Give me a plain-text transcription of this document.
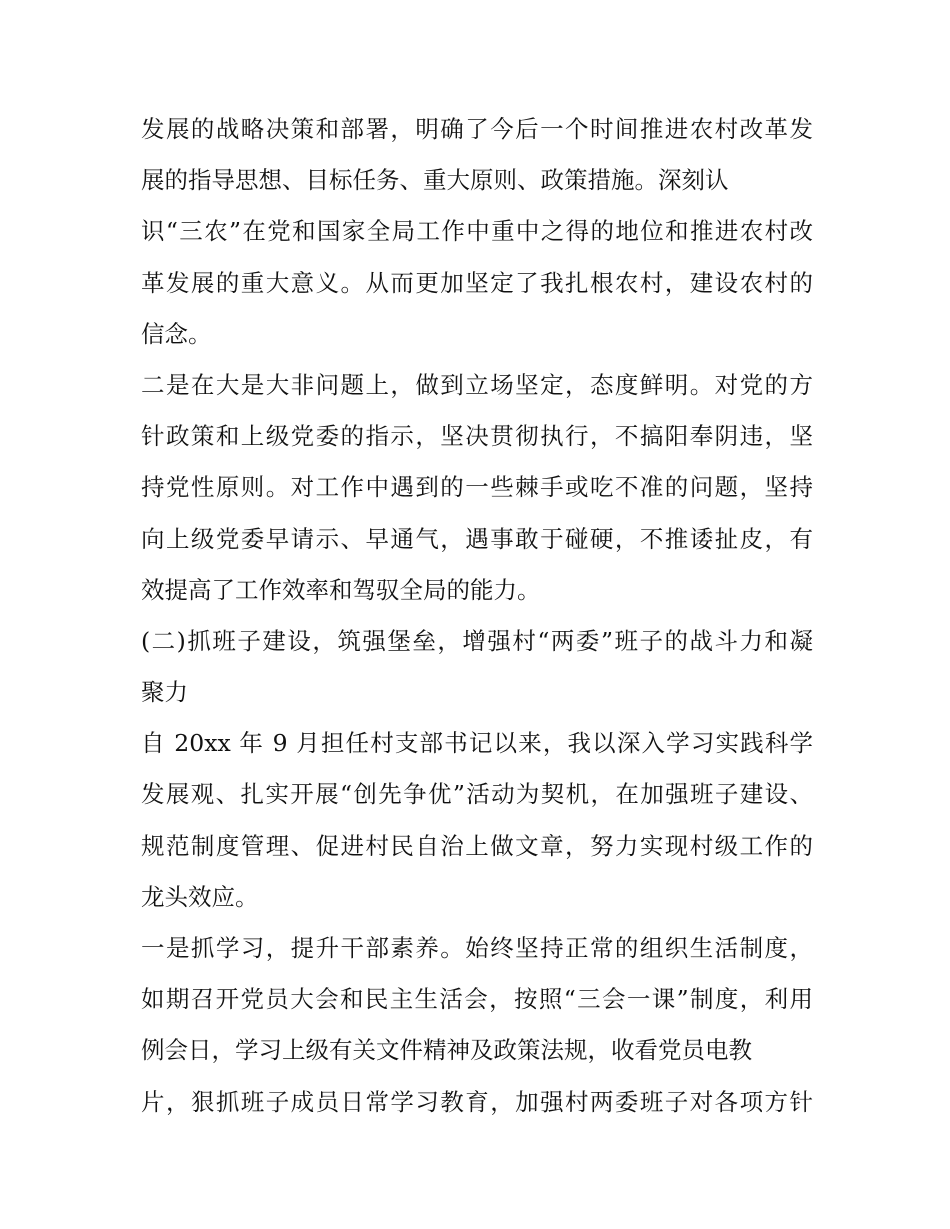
发展的战略决策和部署，明确了今后一个时间推进农村改革发
展的指导思想、目标任务、重大原则、政策措施。深刻认
识“三农”在党和国家全局工作中重中之得的地位和推进农村改
革发展的重大意义。从而更加坚定了我扎根农村，建设农村的
信念。
二是在大是大非问题上，做到立场坚定，态度鲜明。对党的方
针政策和上级党委的指示，坚决贯彻执行，不搞阳奉阴违，坚
持党性原则。对工作中遇到的一些棘手或吃不准的问题，坚持
向上级党委早请示、早通气，遇事敢于碰硬，不推诿扯皮，有
效提高了工作效率和驾驭全局的能力。
(二)抓班子建设，筑强堡垒，增强村“两委”班子的战斗力和凝
聚力
自 20xx 年 9 月担任村支部书记以来，我以深入学习实践科学
发展观、扎实开展“创先争优”活动为契机，在加强班子建设、
规范制度管理、促进村民自治上做文章，努力实现村级工作的
龙头效应。
一是抓学习，提升干部素养。始终坚持正常的组织生活制度，
如期召开党员大会和民主生活会，按照“三会一课”制度，利用
例会日，学习上级有关文件精神及政策法规，收看党员电教
片，狠抓班子成员日常学习教育，加强村两委班子对各项方针
